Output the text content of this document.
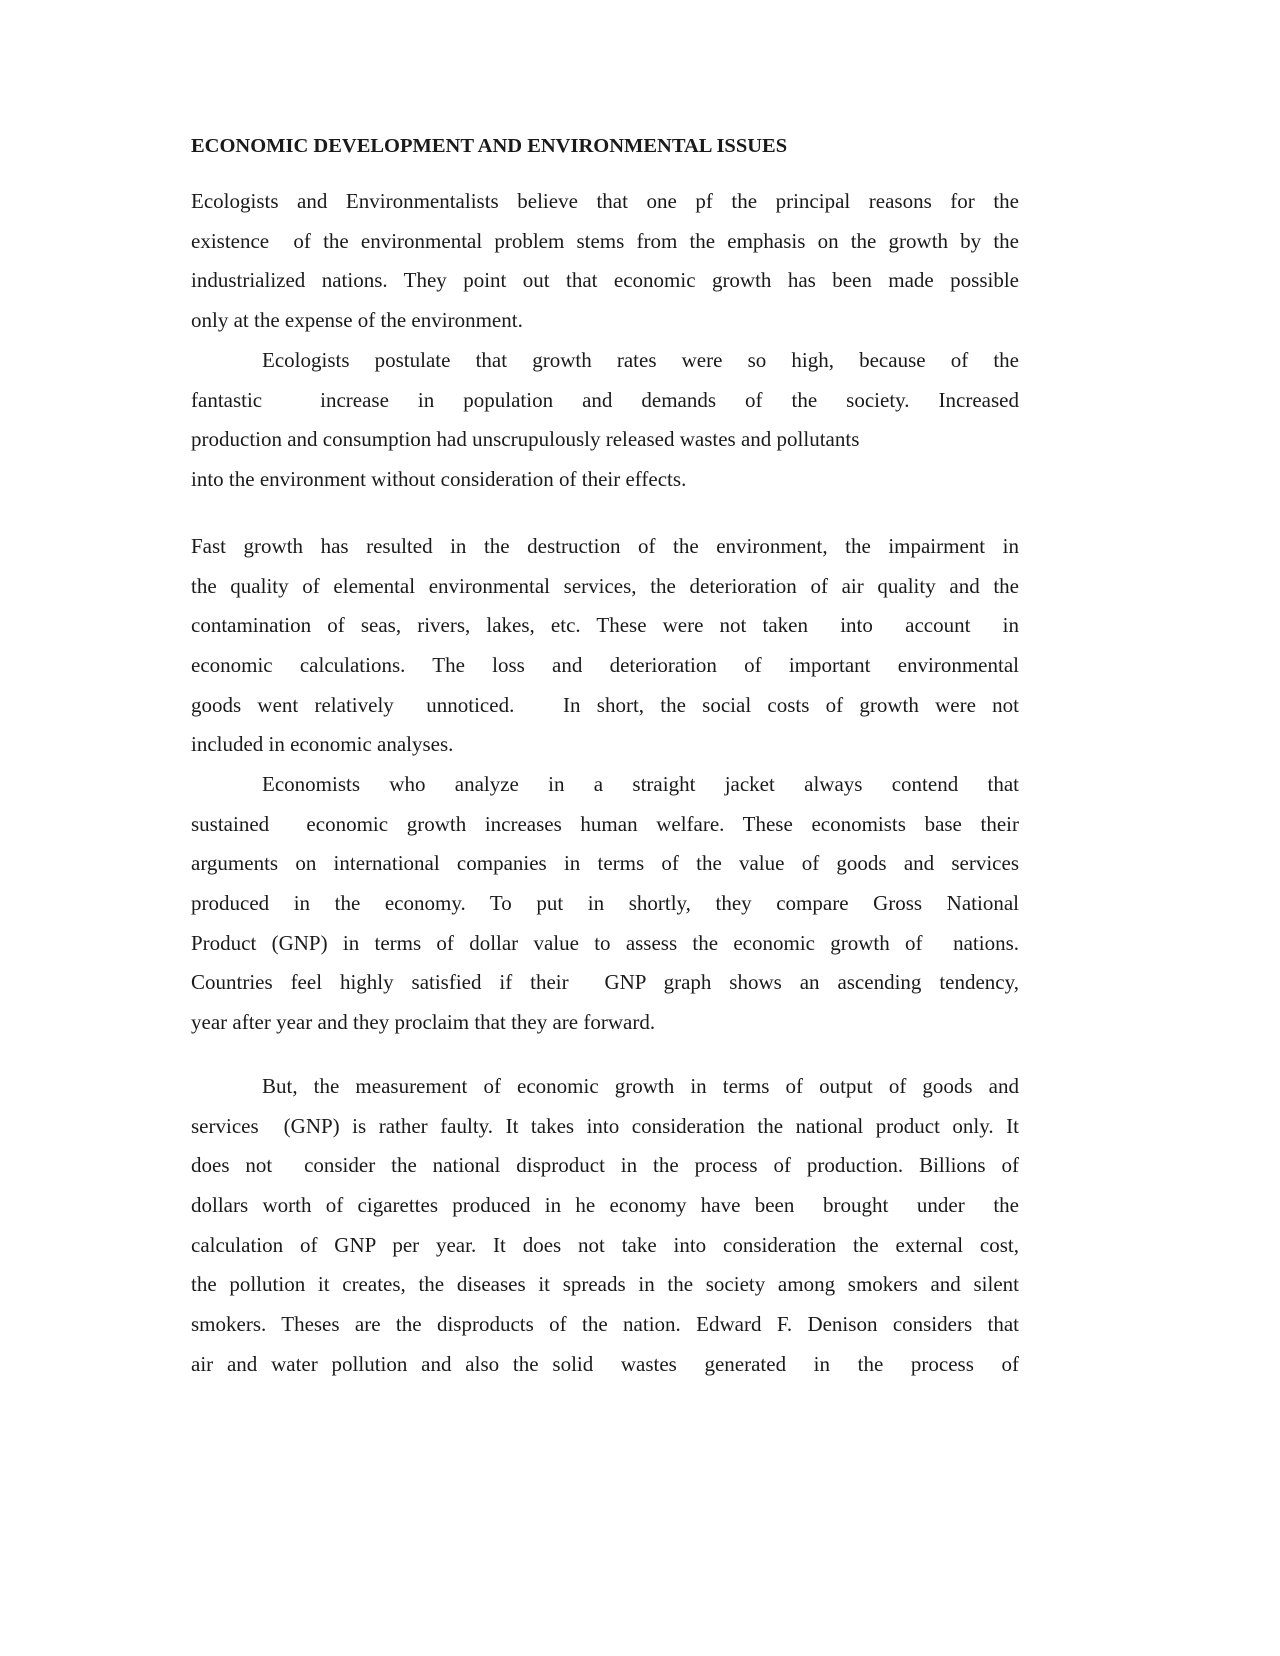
ECONOMIC DEVELOPMENT AND ENVIRONMENTAL ISSUES
Ecologists and Environmentalists believe that one pf the principal reasons for the
existence  of the environmental problem stems from the emphasis on the growth by the
industrialized nations. They point out that economic growth has been made possible
only at the expense of the environment.
Ecologists postulate that growth rates were so high, because of the
fantastic  increase in population and demands of the society. Increased
production and consumption had unscrupulously released wastes and pollutants
into the environment without consideration of their effects.
Fast growth has resulted in the destruction of the environment, the impairment in
the quality of elemental environmental services, the deterioration of air quality and the
contamination of seas, rivers, lakes, etc. These were not taken  into  account  in
economic calculations. The loss and deterioration of important environmental
goods went relatively  unnoticed.   In short, the social costs of growth were not
included in economic analyses.
Economists who analyze in a straight jacket always contend that
sustained  economic growth increases human welfare. These economists base their
arguments on international companies in terms of the value of goods and services
produced in the economy. To put in shortly, they compare Gross National
Product (GNP) in terms of dollar value to assess the economic growth of  nations.
Countries feel highly satisfied if their  GNP graph shows an ascending tendency,
year after year and they proclaim that they are forward.
But, the measurement of economic growth in terms of output of goods and
services  (GNP) is rather faulty. It takes into consideration the national product only. It
does not  consider the national disproduct in the process of production. Billions of
dollars worth of cigarettes produced in he economy have been  brought  under  the
calculation of GNP per year. It does not take into consideration the external cost,
the pollution it creates, the diseases it spreads in the society among smokers and silent
smokers. Theses are the disproducts of the nation. Edward F. Denison considers that
air and water pollution and also the solid  wastes  generated  in  the  process  of
